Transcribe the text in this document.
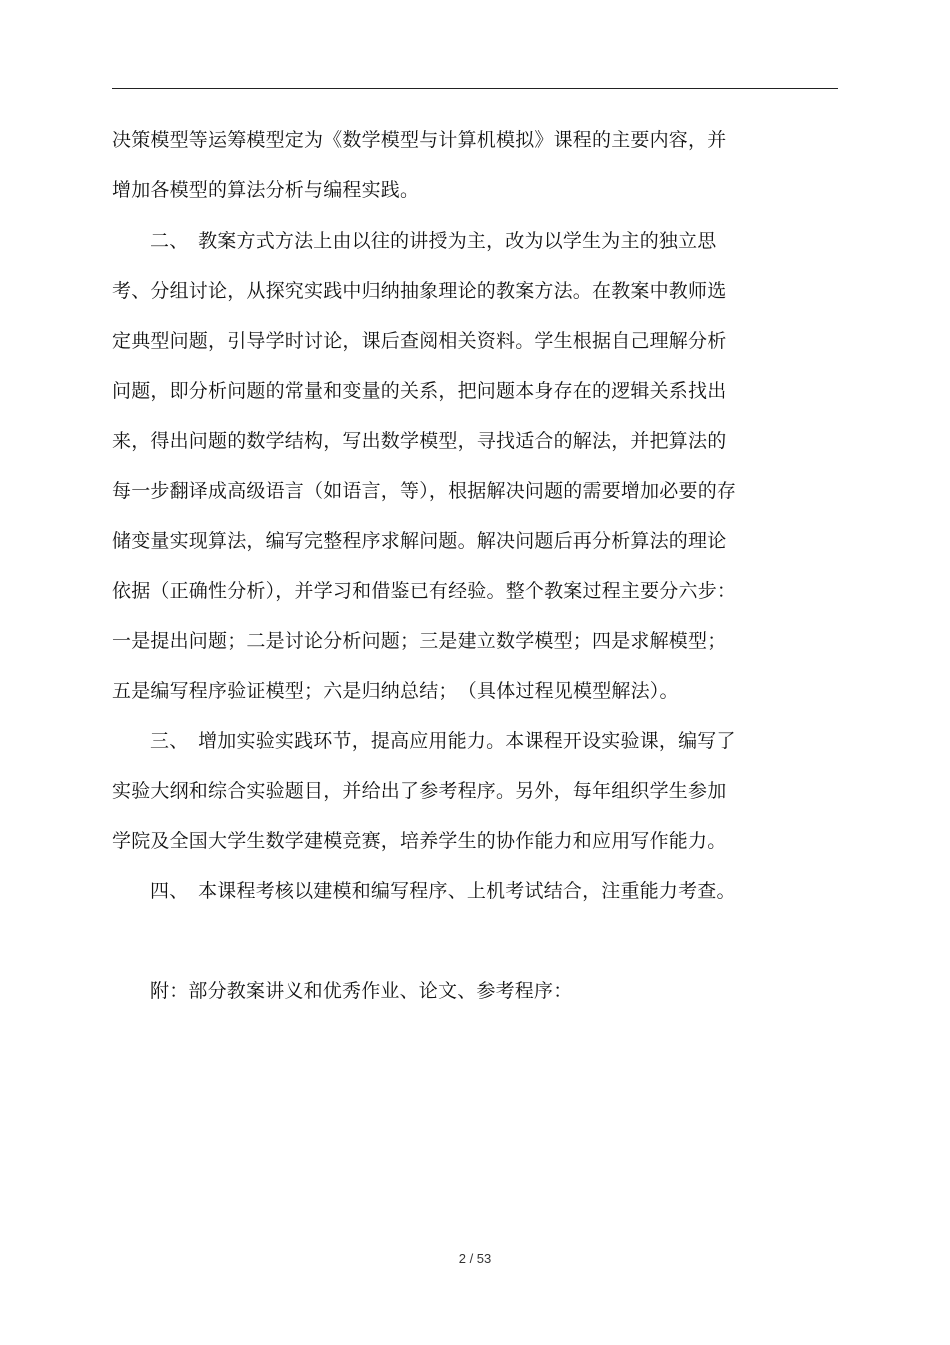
决策模型等运筹模型定为《数学模型与计算机模拟》课程的主要内容，并
增加各模型的算法分析与编程实践。
二、　教案方式方法上由以往的讲授为主，改为以学生为主的独立思
考、分组讨论，从探究实践中归纳抽象理论的教案方法。在教案中教师选
定典型问题，引导学时讨论，课后查阅相关资料。学生根据自己理解分析
问题，即分析问题的常量和变量的关系，把问题本身存在的逻辑关系找出
来，得出问题的数学结构，写出数学模型，寻找适合的解法，并把算法的
每一步翻译成高级语言（如语言，等），根据解决问题的需要增加必要的存
储变量实现算法，编写完整程序求解问题。解决问题后再分析算法的理论
依据（正确性分析），并学习和借鉴已有经验。整个教案过程主要分六步：
一是提出问题；二是讨论分析问题；三是建立数学模型；四是求解模型；
五是编写程序验证模型；六是归纳总结；　（具体过程见模型解法）。
三、　增加实验实践环节，提高应用能力。本课程开设实验课，编写了
实验大纲和综合实验题目，并给出了参考程序。另外，每年组织学生参加
学院及全国大学生数学建模竞赛，培养学生的协作能力和应用写作能力。
四、　本课程考核以建模和编写程序、上机考试结合，注重能力考查。
附：部分教案讲义和优秀作业、论文、参考程序：
2 / 53
